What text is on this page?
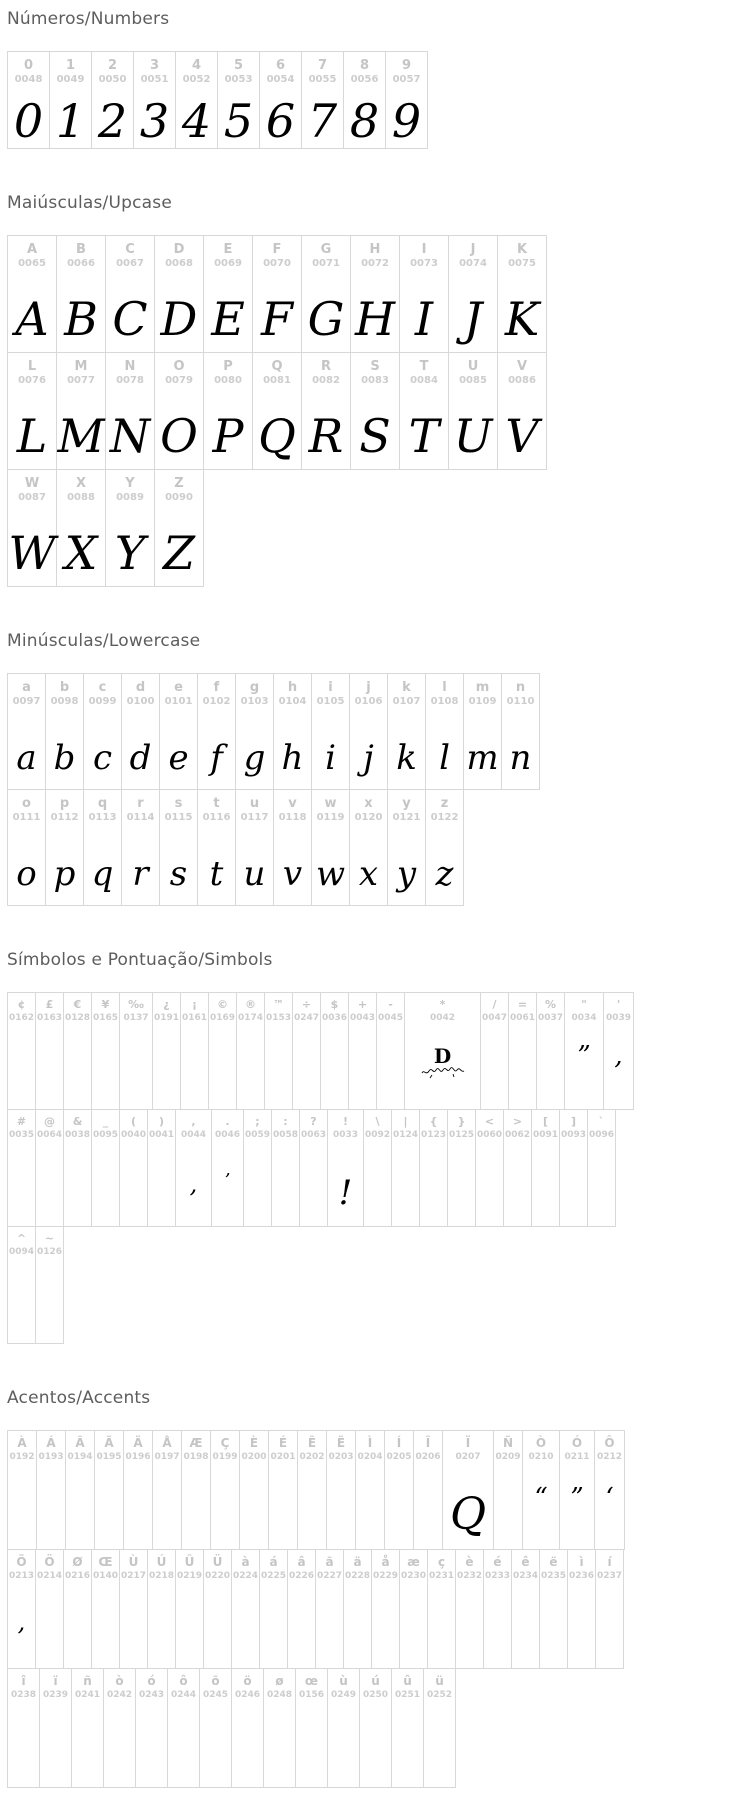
Números/Numbers
0
0048
0
1
0049
1
2
0050
2
3
0051
3
4
0052
4
5
0053
5
6
0054
6
7
0055
7
8
0056
8
9
0057
9
Maiúsculas/Upcase
A
0065
A
B
0066
B
C
0067
C
D
0068
D
E
0069
E
F
0070
F
G
0071
G
H
0072
H
I
0073
I
J
0074
J
K
0075
K
L
0076
L
M
0077
M
N
0078
N
O
0079
O
P
0080
P
Q
0081
Q
R
0082
R
S
0083
S
T
0084
T
U
0085
U
V
0086
V
W
0087
W
X
0088
X
Y
0089
Y
Z
0090
Z
Minúsculas/Lowercase
a
0097
a
b
0098
b
c
0099
c
d
0100
d
e
0101
e
f
0102
f
g
0103
g
h
0104
h
i
0105
i
j
0106
j
k
0107
k
l
0108
l
m
0109
m
n
0110
n
o
0111
o
p
0112
p
q
0113
q
r
0114
r
s
0115
s
t
0116
t
u
0117
u
v
0118
v
w
0119
w
x
0120
x
y
0121
y
z
0122
z
Símbolos e Pontuação/Simbols
¢
0162
£
0163
€
0128
¥
0165
‰
0137
¿
0191
¡
0161
©
0169
®
0174
™
0153
÷
0247
$
0036
+
0043
-
0045
*
0042
D
/
0047
=
0061
%
0037
"
0034
”
'
0039
,
#
0035
@
0064
&
0038
_
0095
(
0040
)
0041
,
0044
,
.
0046
’
;
0059
:
0058
?
0063
!
0033
!
\
0092
|
0124
{
0123
}
0125
<
0060
>
0062
[
0091
]
0093
`
0096
^
0094
~
0126
Acentos/Accents
À
0192
Á
0193
Â
0194
Ã
0195
Ä
0196
Å
0197
Æ
0198
Ç
0199
È
0200
É
0201
Ê
0202
Ë
0203
Ì
0204
Í
0205
Î
0206
Ï
0207
Q
Ñ
0209
Ò
0210
“
Ó
0211
”
Ô
0212
‘
Õ
0213
,
Ö
0214
Ø
0216
Œ
0140
Ù
0217
Ú
0218
Û
0219
Ü
0220
à
0224
á
0225
â
0226
ã
0227
ä
0228
å
0229
æ
0230
ç
0231
è
0232
é
0233
ê
0234
ë
0235
ì
0236
í
0237
î
0238
ï
0239
ñ
0241
ò
0242
ó
0243
ô
0244
õ
0245
ö
0246
ø
0248
œ
0156
ù
0249
ú
0250
û
0251
ü
0252
